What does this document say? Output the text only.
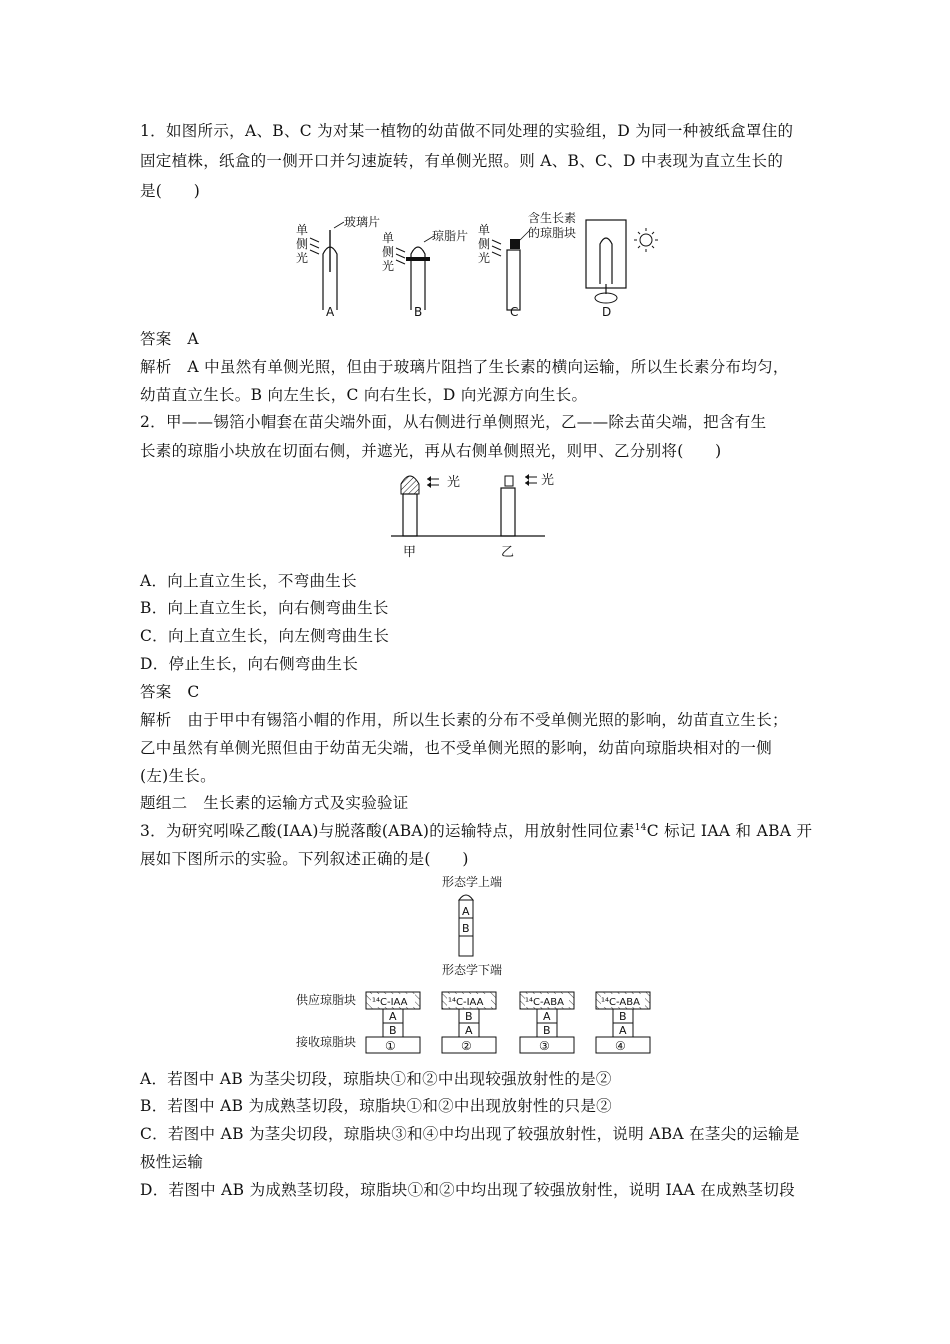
1．如图所示，A、B、C 为对某一植物的幼苗做不同处理的实验组，D 为同一种被纸盒罩住的
固定植株，纸盒的一侧开口并匀速旋转，有单侧光照。则 A、B、C、D 中表现为直立生长的
是(　　)
单侧光
玻璃片
单侧光
琼脂片 单侧光
含生长素
的琼脂块
A	B	C	D
答案　A
解析　A 中虽然有单侧光照，但由于玻璃片阻挡了生长素的横向运输，所以生长素分布均匀，
幼苗直立生长。B 向左生长，C 向右生长，D 向光源方向生长。
2．甲——锡箔小帽套在苗尖端外面，从右侧进行单侧照光，乙——除去苗尖端，把含有生
长素的琼脂小块放在切面右侧，并遮光，再从右侧单侧照光，则甲、乙分别将(　　)
光	光
甲	乙
A．向上直立生长，不弯曲生长
B．向上直立生长，向右侧弯曲生长
C．向上直立生长，向左侧弯曲生长
D．停止生长，向右侧弯曲生长
答案　C
解析　由于甲中有锡箔小帽的作用，所以生长素的分布不受单侧光照的影响，幼苗直立生长；
乙中虽然有单侧光照但由于幼苗无尖端，也不受单侧光照的影响，幼苗向琼脂块相对的一侧
(左)生长。
题组二　生长素的运输方式及实验验证
3．为研究吲哚乙酸(IAA)与脱落酸(ABA)的运输特点，用放射性同位素$^{14}$C 标记 IAA 和 ABA 开
展如下图所示的实验。下列叙述正确的是(　　)
形态学上端
A
B
形态学下端
供应琼脂块
接收琼脂块
¹⁴C-IAA
A
B
①
¹⁴C-IAA
B
A
②
¹⁴C-ABA
A
B
③
¹⁴C-ABA
B
A
④
A．若图中 AB 为茎尖切段，琼脂块①和②中出现较强放射性的是②
B．若图中 AB 为成熟茎切段，琼脂块①和②中出现放射性的只是②
C．若图中 AB 为茎尖切段，琼脂块③和④中均出现了较强放射性，说明 ABA 在茎尖的运输是
极性运输
D．若图中 AB 为成熟茎切段，琼脂块①和②中均出现了较强放射性，说明 IAA 在成熟茎切段
